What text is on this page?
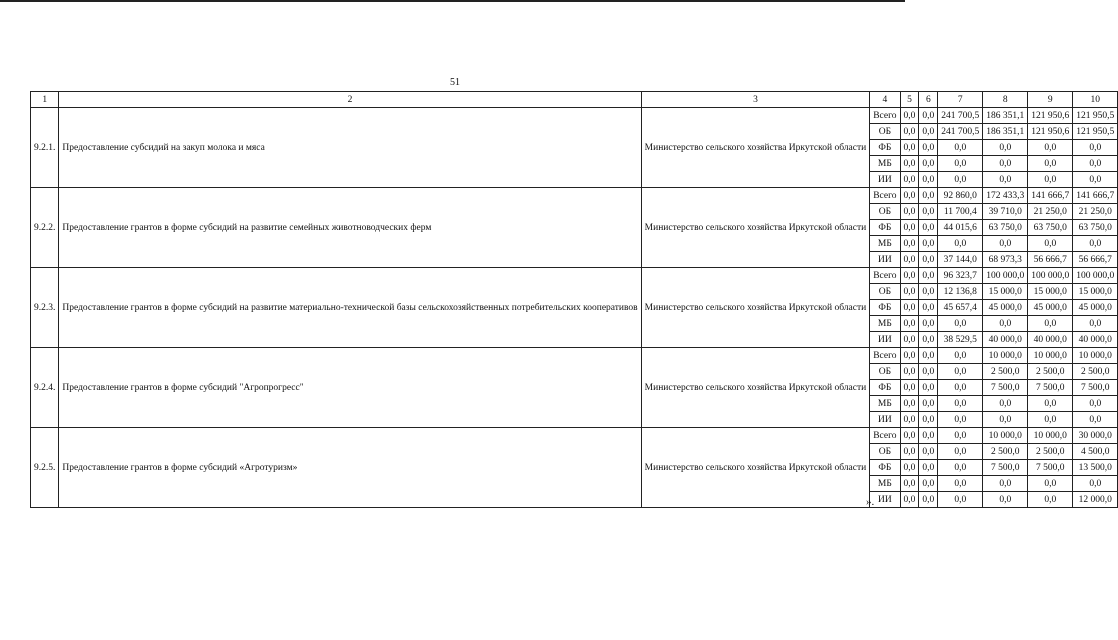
51
1	2	3	4	5	6	7	8	9	10
9.2.1.	Предоставление субсидий на закуп молока и мяса	Министерство сельского хозяйства Иркутской области	Всего	0,0	0,0	241 700,5	186 351,1	121 950,6	121 950,5
			ОБ	0,0	0,0	241 700,5	186 351,1	121 950,6	121 950,5
			ФБ	0,0	0,0	0,0	0,0	0,0	0,0
			МБ	0,0	0,0	0,0	0,0	0,0	0,0
			ИИ	0,0	0,0	0,0	0,0	0,0	0,0
9.2.2.	Предоставление грантов в форме субсидий на развитие семейных животноводческих ферм	Министерство сельского хозяйства Иркутской области	Всего	0,0	0,0	92 860,0	172 433,3	141 666,7	141 666,7
			ОБ	0,0	0,0	11 700,4	39 710,0	21 250,0	21 250,0
			ФБ	0,0	0,0	44 015,6	63 750,0	63 750,0	63 750,0
			МБ	0,0	0,0	0,0	0,0	0,0	0,0
			ИИ	0,0	0,0	37 144,0	68 973,3	56 666,7	56 666,7
9.2.3.	Предоставление грантов в форме субсидий на развитие материально-технической базы сельскохозяйственных потребительских кооперативов	Министерство сельского хозяйства Иркутской области	Всего	0,0	0,0	96 323,7	100 000,0	100 000,0	100 000,0
			ОБ	0,0	0,0	12 136,8	15 000,0	15 000,0	15 000,0
			ФБ	0,0	0,0	45 657,4	45 000,0	45 000,0	45 000,0
			МБ	0,0	0,0	0,0	0,0	0,0	0,0
			ИИ	0,0	0,0	38 529,5	40 000,0	40 000,0	40 000,0
9.2.4.	Предоставление грантов в форме субсидий "Агропрогресс"	Министерство сельского хозяйства Иркутской области	Всего	0,0	0,0	0,0	10 000,0	10 000,0	10 000,0
			ОБ	0,0	0,0	0,0	2 500,0	2 500,0	2 500,0
			ФБ	0,0	0,0	0,0	7 500,0	7 500,0	7 500,0
			МБ	0,0	0,0	0,0	0,0	0,0	0,0
			ИИ	0,0	0,0	0,0	0,0	0,0	0,0
9.2.5.	Предоставление грантов в форме субсидий «Агротуризм»	Министерство сельского хозяйства Иркутской области	Всего	0,0	0,0	0,0	10 000,0	10 000,0	30 000,0
			ОБ	0,0	0,0	0,0	2 500,0	2 500,0	4 500,0
			ФБ	0,0	0,0	0,0	7 500,0	7 500,0	13 500,0
			МБ	0,0	0,0	0,0	0,0	0,0	0,0
			ИИ	0,0	0,0	0,0	0,0	0,0	12 000,0
».
